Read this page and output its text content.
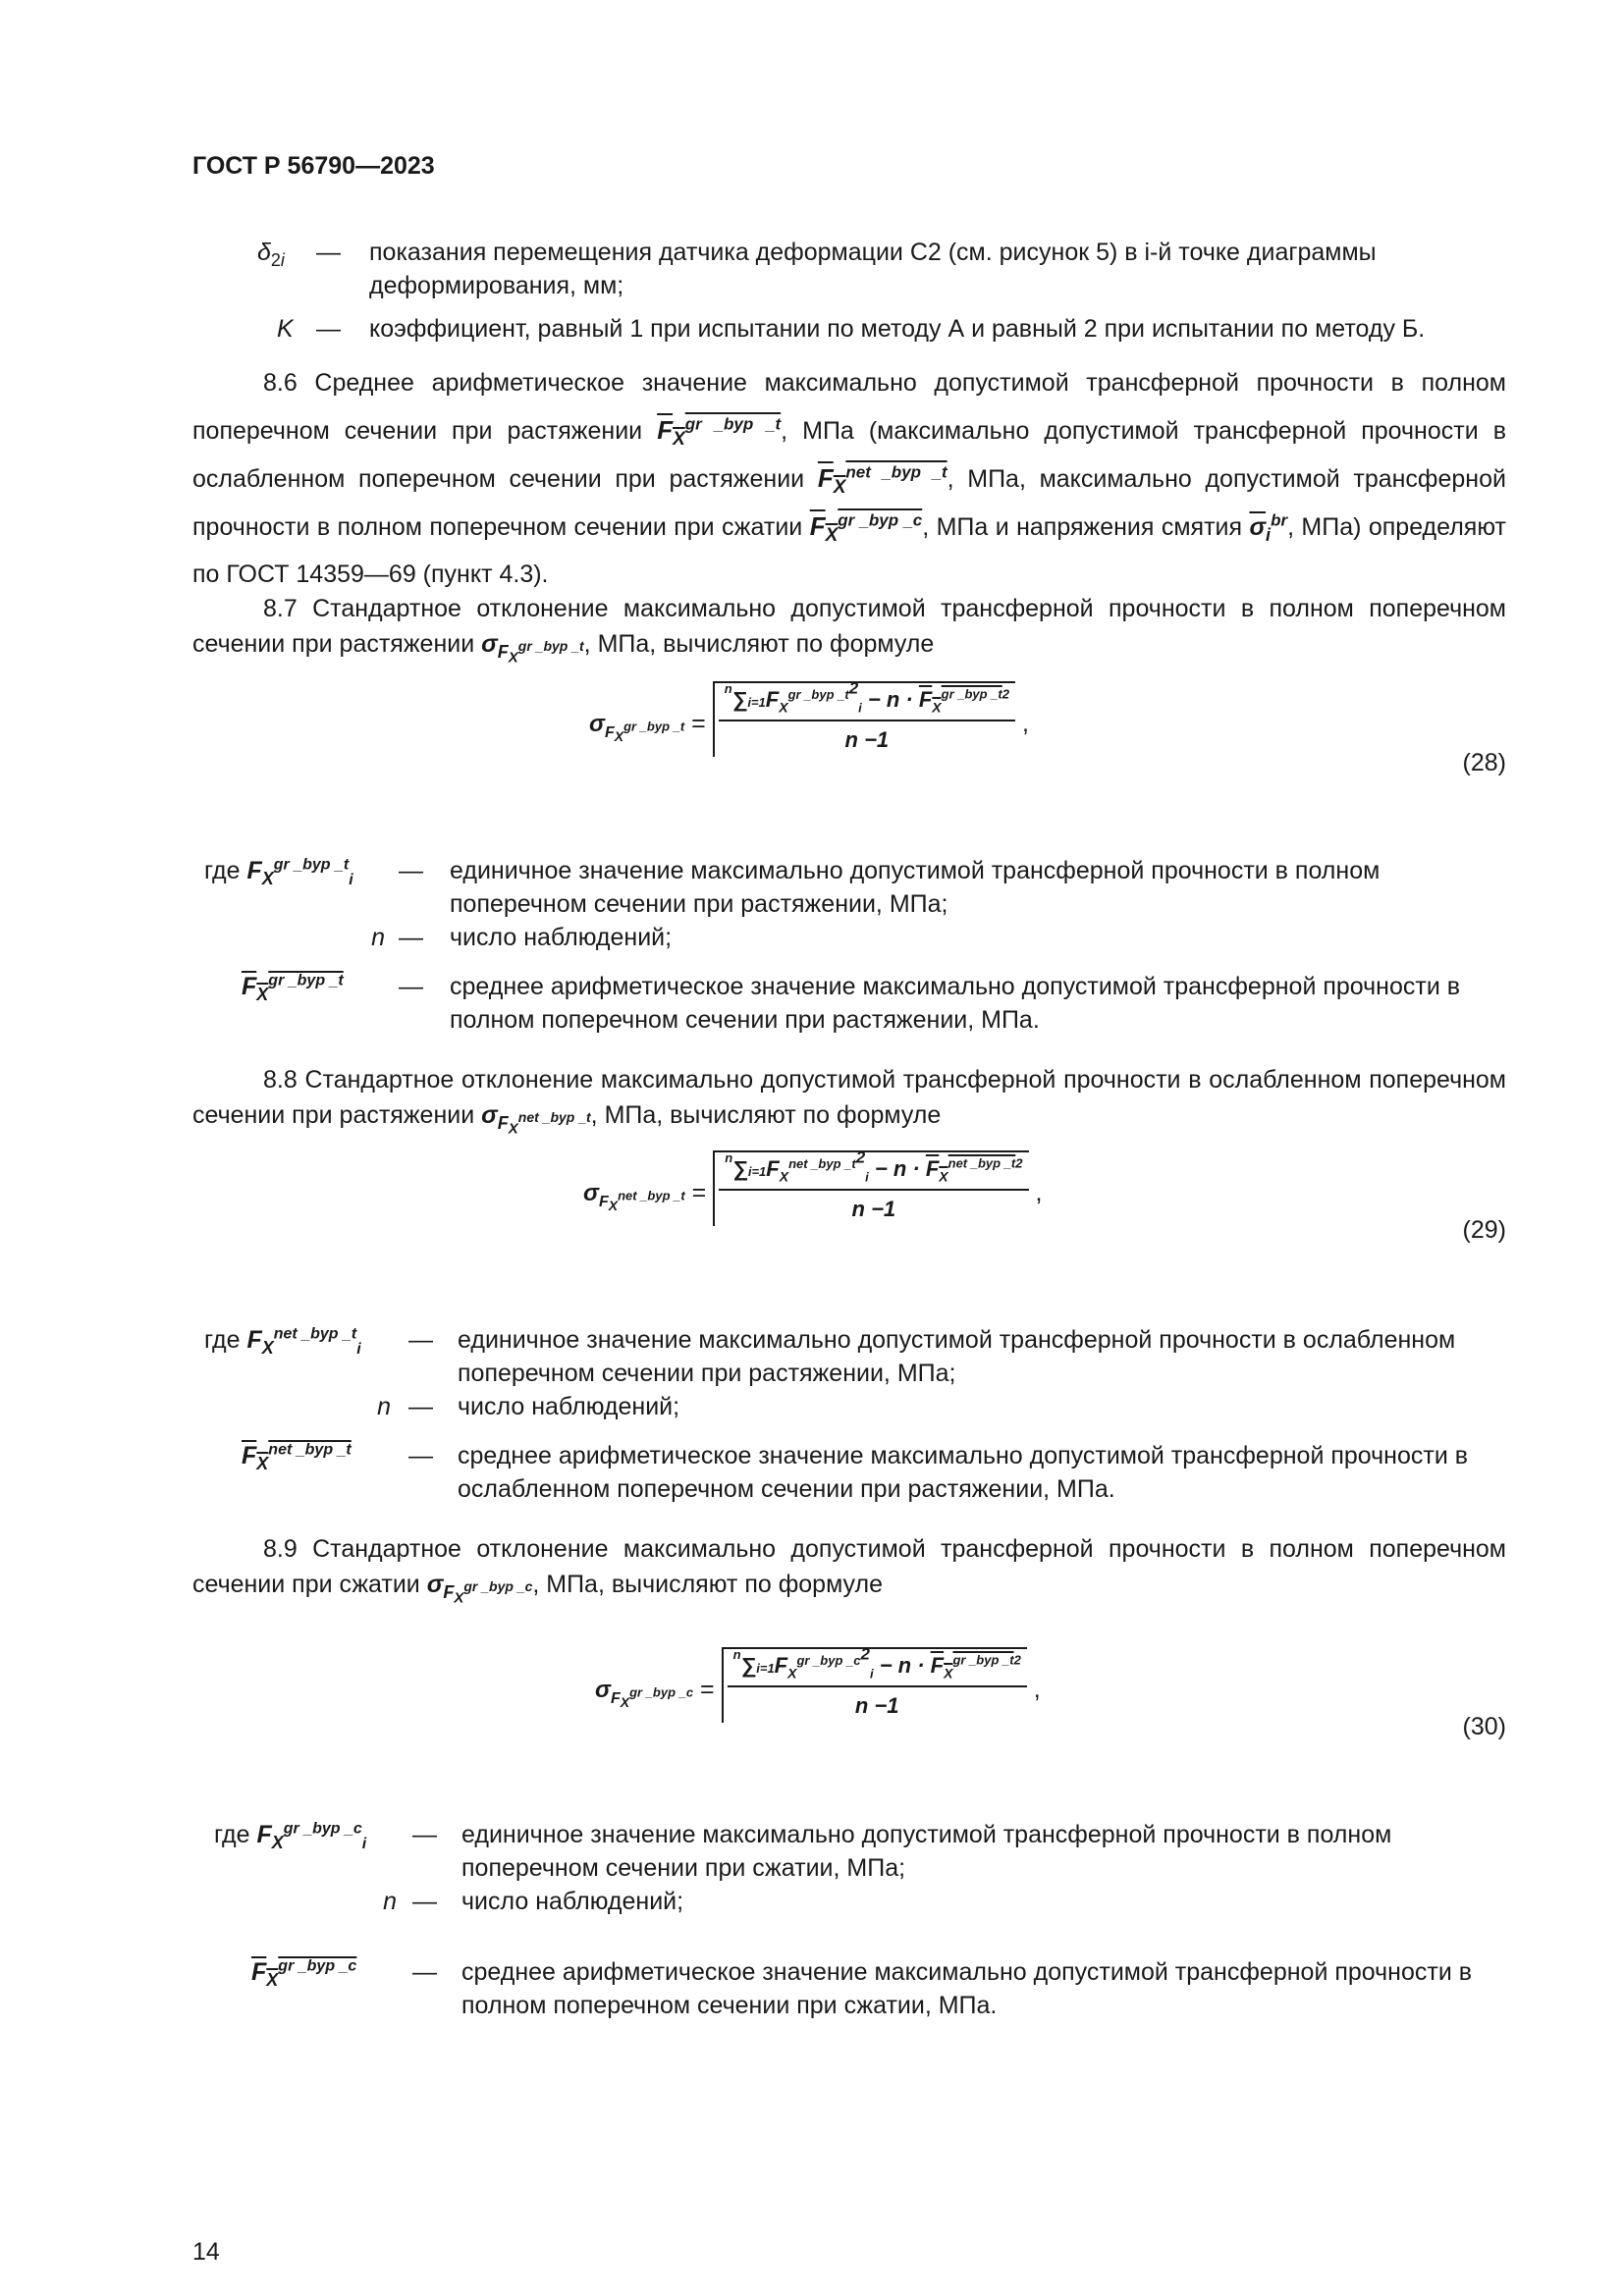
ГОСТ Р 56790—2023
$\delta_{2i}$	— показания перемещения датчика деформации C2 (см. рисунок 5) в i-й точке диаграммы деформирования, мм;
K — коэффициент, равный 1 при испытании по методу А и равный 2 при испытании по методу Б.
8.6 Среднее арифметическое значение максимально допустимой трансферной прочности в полном поперечном сечении при растяжении $F_X^{gr \_byp \_t}$, МПа (максимально допустимой трансферной прочности в ослабленном поперечном сечении при растяжении $F_X^{net \_byp \_t}$, МПа, максимально допустимой трансферной прочности в полном поперечном сечении при сжатии $F_X^{gr \_byp \_c}$, МПа и напряжения смятия $\overline{\sigma}_i^{br}$, МПа) определяют по ГОСТ 14359—69 (пункт 4.3).
8.7 Стандартное отклонение максимально допустимой трансферной прочности в полном поперечном сечении при растяжении $\sigma_{F_X^{gr \_byp \_t}}$, МПа, вычисляют по формуле
$\sigma_{F_X^{gr \_byp \_t}} = \frac{^n\sum i=1F_X^{gr \_byp \_t^2}_i - n \cdot F_X^{gr \_byp \_t2}}{n -1}$ ,
(28)
где $F_X^{gr \_byp \_t}_i$	— единичное значение максимально допустимой трансферной прочности в полном поперечном сечении при растяжении, МПа;
n — число наблюдений;
$F_X^{gr \_byp \_t}$	— среднее арифметическое значение максимально допустимой трансферной прочности в полном поперечном сечении при растяжении, МПа.
8.8 Стандартное отклонение максимально допустимой трансферной прочности в ослабленном поперечном сечении при растяжении $\sigma_{F_X^{net \_byp \_t}}$, МПа, вычисляют по формуле
$\sigma_{F_X^{net \_byp \_t}} = \frac{^n\sum i=1F_X^{net \_byp \_t^2}_i - n \cdot F_X^{net \_byp \_t2}}{n -1}$ ,
(29)
где $F_X^{net \_byp \_t}_i$	— единичное значение максимально допустимой трансферной прочности в ослабленном поперечном сечении при растяжении, МПа;
n — число наблюдений;
$F_X^{net \_byp \_t}$	— среднее арифметическое значение максимально допустимой трансферной прочности в ослабленном поперечном сечении при растяжении, МПа.
8.9 Стандартное отклонение максимально допустимой трансферной прочности в полном поперечном сечении при сжатии $\sigma_{F_X^{gr \_byp \_c}}$, МПа, вычисляют по формуле
$\sigma_{F_X^{gr \_byp \_c}} = \frac{^n\sum i=1F_X^{gr \_byp \_c^2}_i - n \cdot F_X^{gr \_byp \_t2}}{n -1}$ ,
(30)
где $F_X^{gr \_byp \_c}_i$	— единичное значение максимально допустимой трансферной прочности в полном поперечном сечении при сжатии, МПа;
n — число наблюдений;
$F_X^{gr \_byp \_c}$	— среднее арифметическое значение максимально допустимой трансферной прочности в полном поперечном сечении при сжатии, МПа.
14
